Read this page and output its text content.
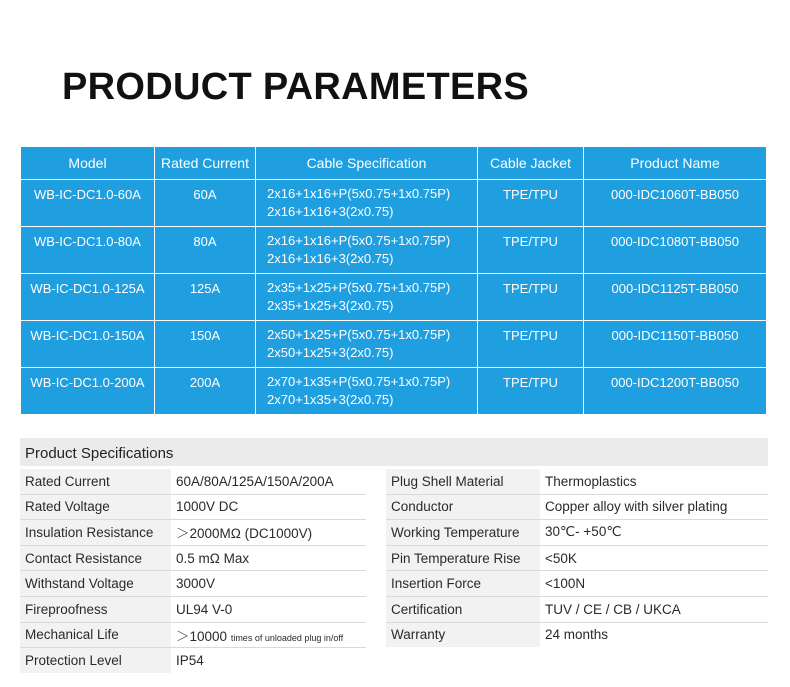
PRODUCT PARAMETERS
Model	Rated Current	Cable Specification	Cable Jacket	Product Name
WB-IC-DC1.0-60A	60A	2x16+1x16+P(5x0.75+1x0.75P)
2x16+1x16+3(2x0.75)	TPE/TPU	000-IDC1060T-BB050
WB-IC-DC1.0-80A	80A	2x16+1x16+P(5x0.75+1x0.75P)
2x16+1x16+3(2x0.75)	TPE/TPU	000-IDC1080T-BB050
WB-IC-DC1.0-125A	125A	2x35+1x25+P(5x0.75+1x0.75P)
2x35+1x25+3(2x0.75)	TPE/TPU	000-IDC1125T-BB050
WB-IC-DC1.0-150A	150A	2x50+1x25+P(5x0.75+1x0.75P)
2x50+1x25+3(2x0.75)	TPE/TPU	000-IDC1150T-BB050
WB-IC-DC1.0-200A	200A	2x70+1x35+P(5x0.75+1x0.75P)
2x70+1x35+3(2x0.75)	TPE/TPU	000-IDC1200T-BB050
Product Specifications
Rated Current	60A/80A/125A/150A/200A
Rated Voltage	1000V DC
Insulation Resistance	＞2000MΩ (DC1000V)
Contact Resistance	0.5 mΩ Max
Withstand Voltage	3000V
Fireproofness	UL94 V-0
Mechanical Life	＞10000 times of unloaded plug in/off
Protection Level	IP54
Plug Shell Material	Thermoplastics
Conductor	Copper alloy with silver plating
Working Temperature	30℃- +50℃
Pin Temperature Rise	<50K
Insertion Force	<100N
Certification	TUV / CE / CB / UKCA
Warranty	24 months
